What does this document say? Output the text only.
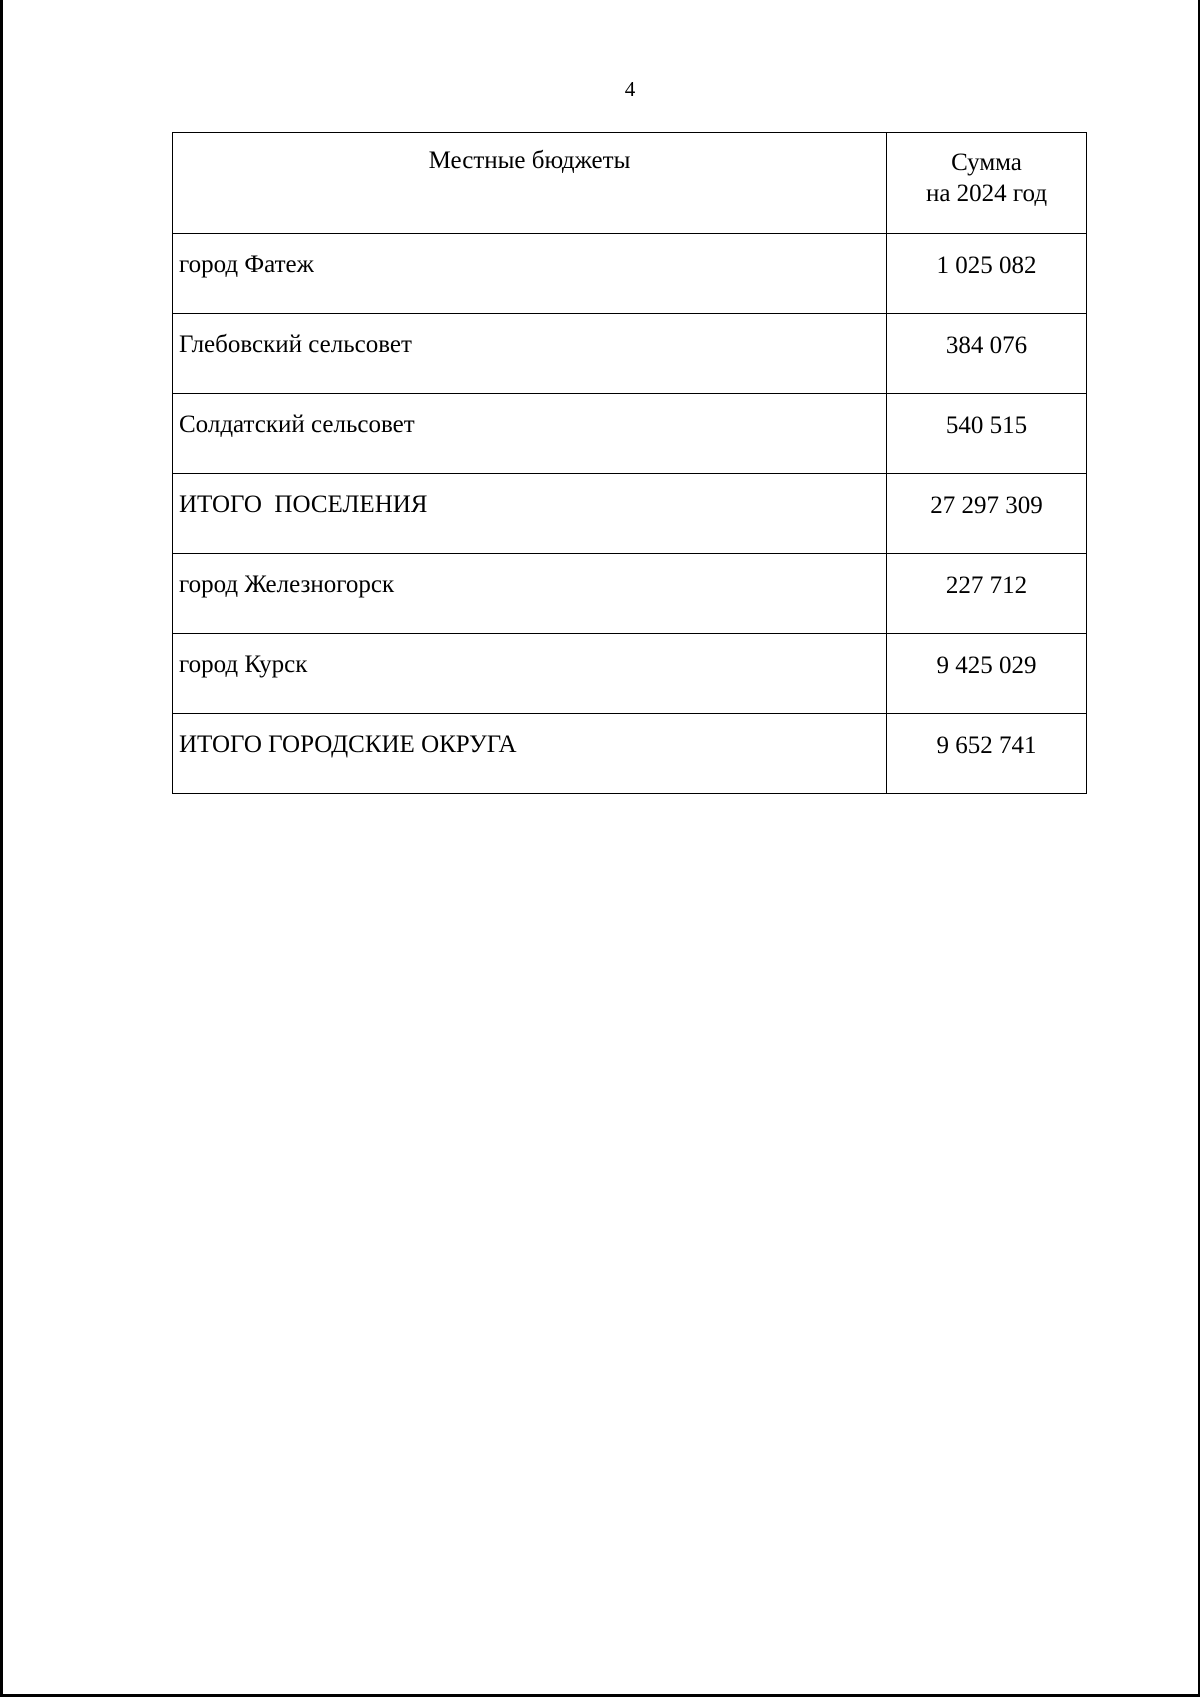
4
Местные бюджеты	Сумма
на 2024 год

город Фатеж	1 025 082
Глебовский сельсовет	384 076
Солдатский сельсовет	540 515
ИТОГО  ПОСЕЛЕНИЯ	27 297 309
город Железногорск	227 712
город Курск	9 425 029
ИТОГО ГОРОДСКИЕ ОКРУГА	9 652 741
